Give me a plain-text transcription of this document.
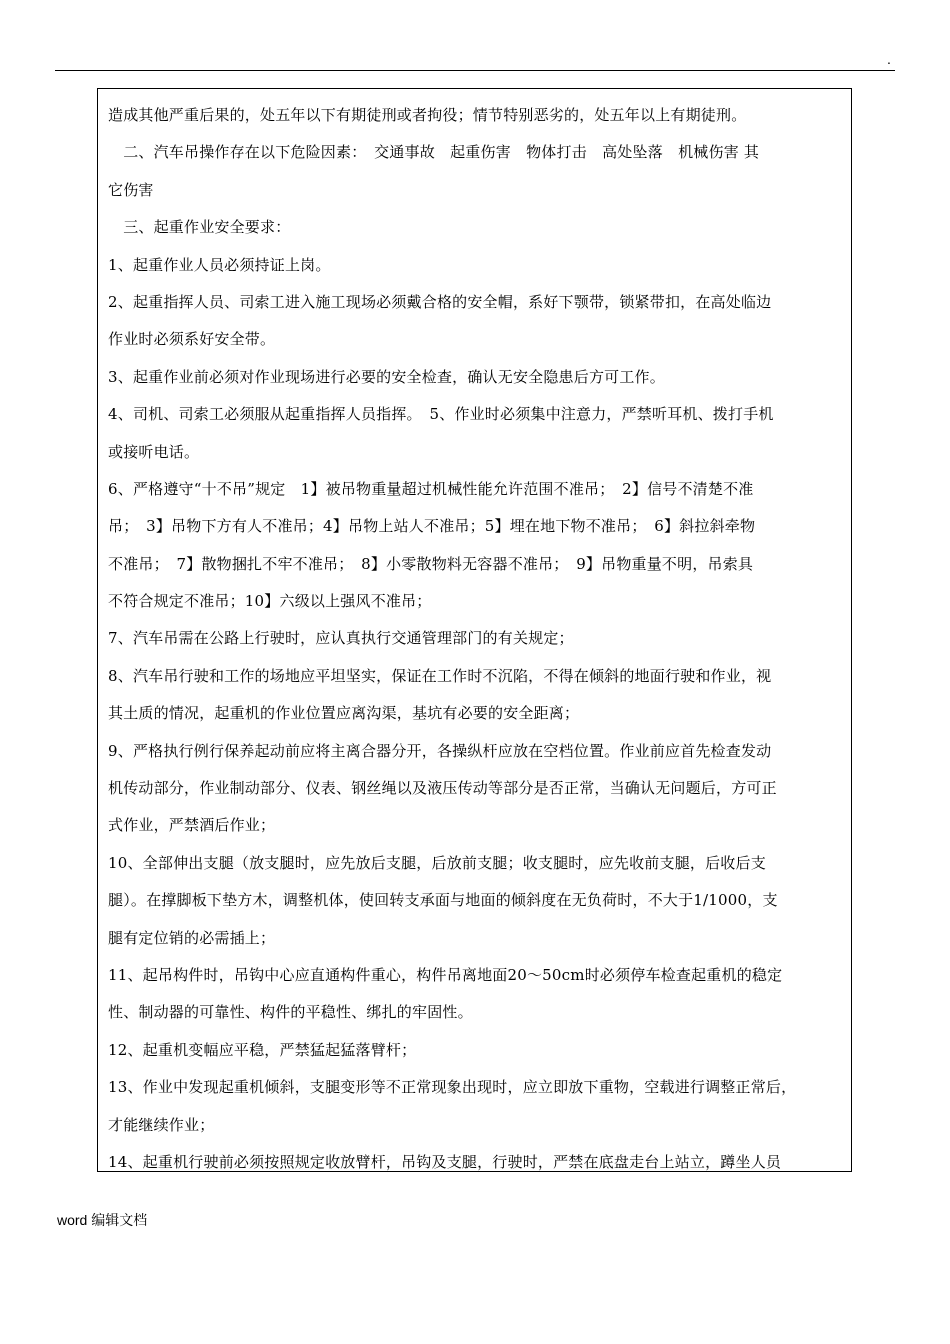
.
造成其他严重后果的，处五年以下有期徒刑或者拘役；情节特别恶劣的，处五年以上有期徒刑。
　二、汽车吊操作存在以下危险因素：　交通事故　起重伤害　物体打击　高处坠落　机械伤害 其
它伤害
　三、起重作业安全要求：
1、起重作业人员必须持证上岗。
2、起重指挥人员、司索工进入施工现场必须戴合格的安全帽，系好下颚带，锁紧带扣，在高处临边
作业时必须系好安全带。
3、起重作业前必须对作业现场进行必要的安全检查，确认无安全隐患后方可工作。
4、司机、司索工必须服从起重指挥人员指挥。　5、作业时必须集中注意力，严禁听耳机、拨打手机
或接听电话。
6、严格遵守“十不吊”规定　1】被吊物重量超过机械性能允许范围不准吊；　2】信号不清楚不准
吊；　3】吊物下方有人不准吊；4】吊物上站人不准吊；5】埋在地下物不准吊；　6】斜拉斜牵物
不准吊；　7】散物捆扎不牢不准吊；　8】小零散物料无容器不准吊；　9】吊物重量不明，吊索具
不符合规定不准吊；10】六级以上强风不准吊；
7、汽车吊需在公路上行驶时，应认真执行交通管理部门的有关规定；
8、汽车吊行驶和工作的场地应平坦坚实，保证在工作时不沉陷，不得在倾斜的地面行驶和作业，视
其土质的情况，起重机的作业位置应离沟渠，基坑有必要的安全距离；
9、严格执行例行保养起动前应将主离合器分开，各操纵杆应放在空档位置。作业前应首先检查发动
机传动部分，作业制动部分、仪表、钢丝绳以及液压传动等部分是否正常，当确认无问题后，方可正
式作业，严禁酒后作业；
10、全部伸出支腿（放支腿时，应先放后支腿，后放前支腿；收支腿时，应先收前支腿，后收后支
腿）。在撑脚板下垫方木，调整机体，使回转支承面与地面的倾斜度在无负荷时，不大于1/1000，支
腿有定位销的必需插上；
11、起吊构件时，吊钩中心应直通构件重心，构件吊离地面20～50cm时必须停车检查起重机的稳定
性、制动器的可靠性、构件的平稳性、绑扎的牢固性。
12、起重机变幅应平稳，严禁猛起猛落臂杆；
13、作业中发现起重机倾斜，支腿变形等不正常现象出现时，应立即放下重物，空载进行调整正常后，
才能继续作业；
14、起重机行驶前必须按照规定收放臂杆，吊钩及支腿，行驶时，严禁在底盘走台上站立，蹲坐人员
word 编辑文档
